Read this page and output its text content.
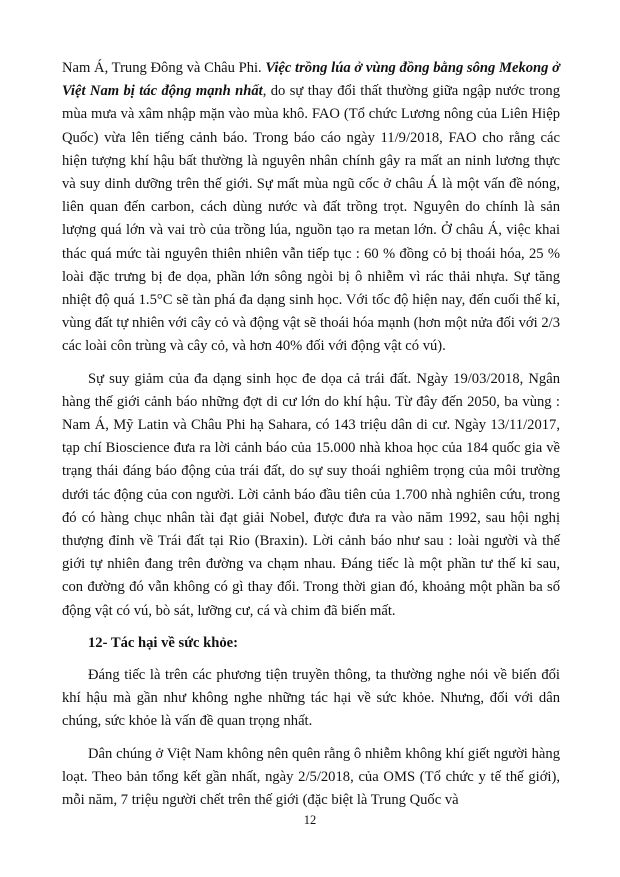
Nam Á, Trung Đông và Châu Phi. Việc trồng lúa ở vùng đồng bằng sông Mekong ở Việt Nam bị tác động mạnh nhất, do sự thay đổi thất thường giữa ngập nước trong mùa mưa và xâm nhập mặn vào mùa khô. FAO (Tổ chức Lương nông của Liên Hiệp Quốc) vừa lên tiếng cảnh báo. Trong báo cáo ngày 11/9/2018, FAO cho rằng các hiện tượng khí hậu bất thường là nguyên nhân chính gây ra mất an ninh lương thực và suy dinh dưỡng trên thế giới. Sự mất mùa ngũ cốc ở châu Á là một vấn đề nóng, liên quan đến carbon, cách dùng nước và đất trồng trọt. Nguyên do chính là sản lượng quá lớn và vai trò của trồng lúa, nguồn tạo ra metan lớn. Ở châu Á, việc khai thác quá mức tài nguyên thiên nhiên vẫn tiếp tục : 60 % đồng cỏ bị thoái hóa, 25 % loài đặc trưng bị đe dọa, phần lớn sông ngòi bị ô nhiễm vì rác thải nhựa. Sự tăng nhiệt độ quá 1.5°C sẽ tàn phá đa dạng sinh học. Với tốc độ hiện nay, đến cuối thế kỉ, vùng đất tự nhiên với cây cỏ và động vật sẽ thoái hóa mạnh (hơn một nửa đối với 2/3 các loài côn trùng và cây cỏ, và hơn 40% đối với động vật có vú).

Sự suy giảm của đa dạng sinh học đe dọa cả trái đất. Ngày 19/03/2018, Ngân hàng thế giới cảnh báo những đợt di cư lớn do khí hậu. Từ đây đến 2050, ba vùng : Nam Á, Mỹ Latin và Châu Phi hạ Sahara, có 143 triệu dân di cư. Ngày 13/11/2017, tạp chí Bioscience đưa ra lời cảnh báo của 15.000 nhà khoa học của 184 quốc gia về trạng thái đáng báo động của trái đất, do sự suy thoái nghiêm trọng của môi trường dưới tác động của con người. Lời cảnh báo đầu tiên của 1.700 nhà nghiên cứu, trong đó có hàng chục nhân tài đạt giải Nobel, được đưa ra vào năm 1992, sau hội nghị thượng đỉnh về Trái đất tại Rio (Braxin). Lời cảnh báo như sau : loài người và thế giới tự nhiên đang trên đường va chạm nhau. Đáng tiếc là một phần tư thế kỉ sau, con đường đó vẫn không có gì thay đổi. Trong thời gian đó, khoảng một phần ba số động vật có vú, bò sát, lưỡng cư, cá và chim đã biến mất.

12- Tác hại về sức khỏe:

Đáng tiếc là trên các phương tiện truyền thông, ta thường nghe nói về biến đổi khí hậu mà gần như không nghe những tác hại về sức khỏe. Nhưng, đối với dân chúng, sức khỏe là vấn đề quan trọng nhất.

Dân chúng ở Việt Nam không nên quên rằng ô nhiễm không khí giết người hàng loạt. Theo bản tổng kết gần nhất, ngày 2/5/2018, của OMS (Tổ chức y tế thế giới), mỗi năm, 7 triệu người chết trên thế giới (đặc biệt là Trung Quốc và

12
